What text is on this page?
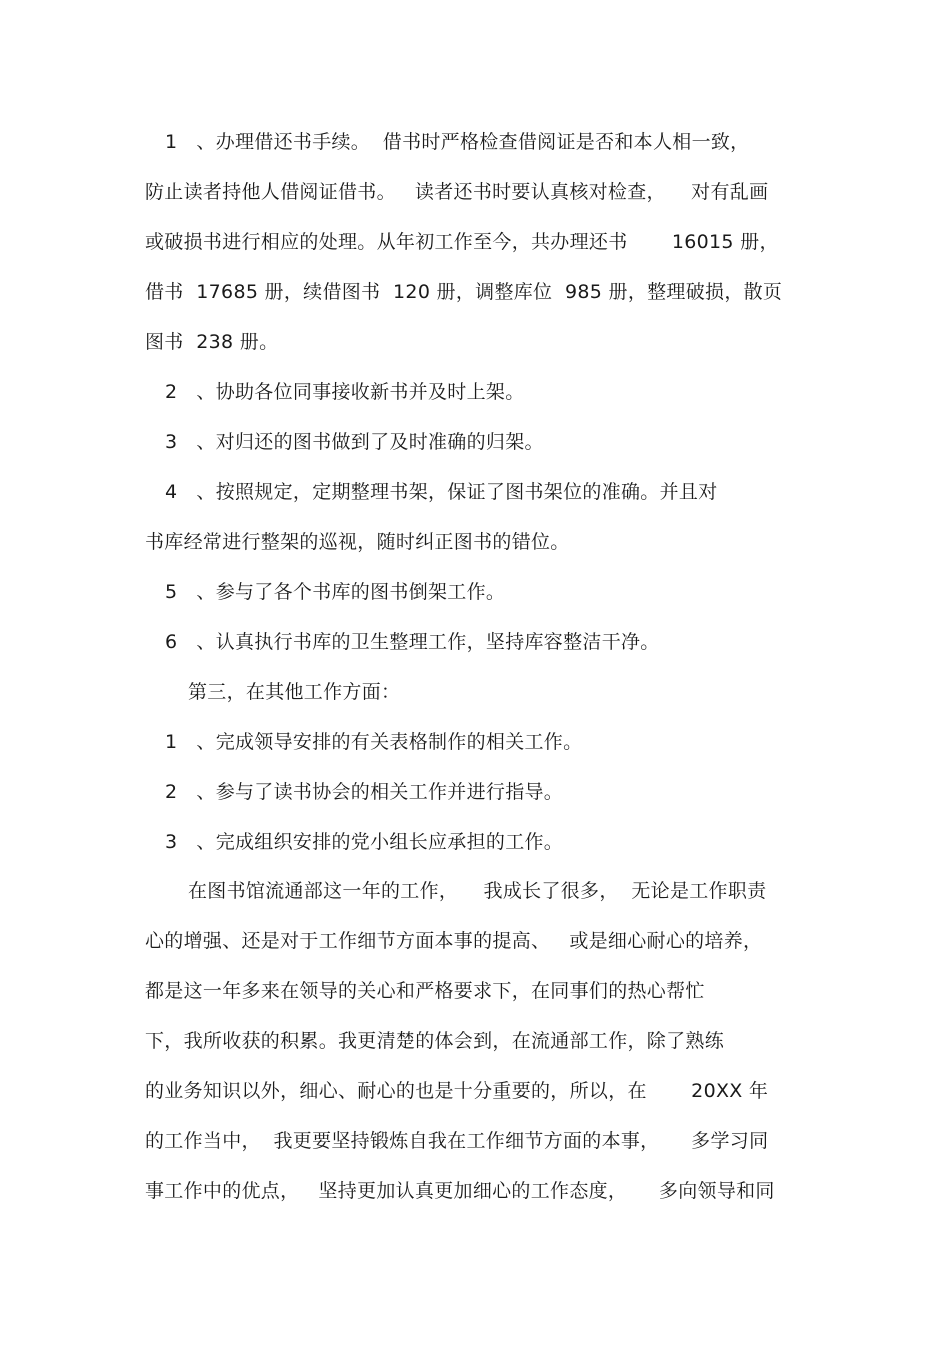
1   、办理借还书手续。  借书时严格检查借阅证是否和本人相一致，
防止读者持他人借阅证借书。   读者还书时要认真核对检查，    对有乱画
或破损书进行相应的处理。从年初工作至今，共办理还书       16015 册，
借书  17685 册，续借图书  120 册，调整库位  985 册，整理破损，散页
图书  238 册。
2   、协助各位同事接收新书并及时上架。
3   、对归还的图书做到了及时准确的归架。
4   、按照规定，定期整理书架，保证了图书架位的准确。并且对
书库经常进行整架的巡视，随时纠正图书的错位。
5   、参与了各个书库的图书倒架工作。
6   、认真执行书库的卫生整理工作，坚持库容整洁干净。
第三，在其他工作方面：
1   、完成领导安排的有关表格制作的相关工作。
2   、参与了读书协会的相关工作并进行指导。
3   、完成组织安排的党小组长应承担的工作。
在图书馆流通部这一年的工作，    我成长了很多，  无论是工作职责
心的增强、还是对于工作细节方面本事的提高、   或是细心耐心的培养，
都是这一年多来在领导的关心和严格要求下，在同事们的热心帮忙
下，我所收获的积累。我更清楚的体会到，在流通部工作，除了熟练
的业务知识以外，细心、耐心的也是十分重要的，所以，在       20XX 年
的工作当中，  我更要坚持锻炼自我在工作细节方面的本事，     多学习同
事工作中的优点，   坚持更加认真更加细心的工作态度，     多向领导和同
